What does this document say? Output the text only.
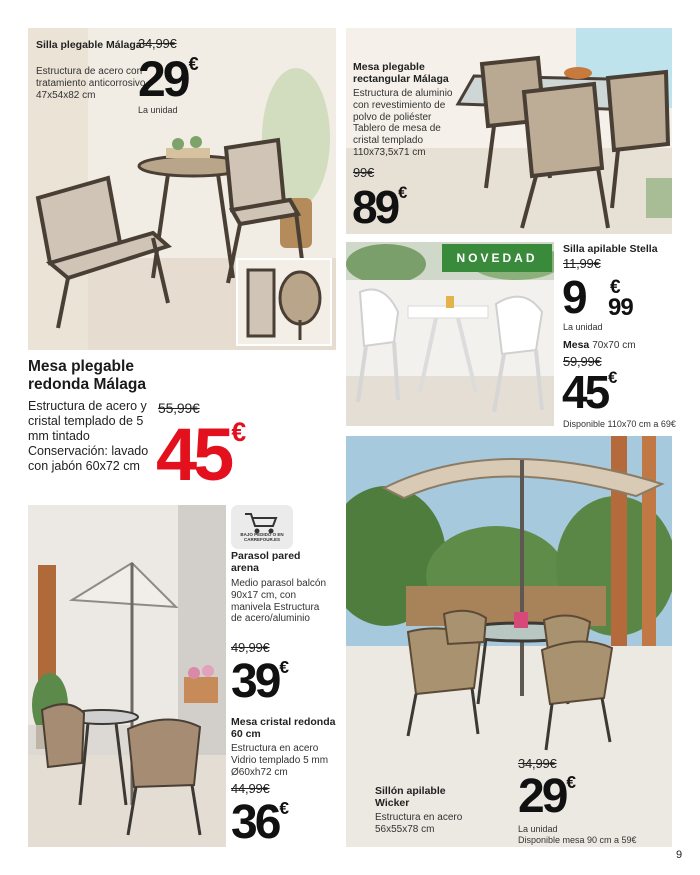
Silla plegable Málaga
Estructura de acero con tratamiento anticorrosivo 47x54x82 cm
34,99€
29€
La unidad
Mesa plegable rectangular Málaga
Estructura de aluminio con revestimiento de polvo de poliéster Tablero de mesa de cristal templado 110x73,5x71 cm
99€
89€
NOVEDAD
Silla apilable Stella
11,99€
9 €
99
La unidad
Mesa 70x70 cm
59,99€
45€
Disponible 110x70 cm a 69€
Mesa plegable redonda Málaga
Estructura de acero y cristal templado de 5 mm tintado Conservación: lavado con jabón 60x72 cm
55,99€
45€
BAJO PEDIDO O EN CARREFOUR.ES
Parasol pared arena
Medio parasol balcón 90x17 cm, con manivela Estructura de acero/aluminio
49,99€
39€
Mesa cristal redonda 60 cm
Estructura en acero Vidrio templado 5 mm Ø60xh72 cm
44,99€
36€
34,99€
29€
La unidad
Disponible mesa 90 cm a 59€
Sillón apilable Wicker
Estructura en acero 56x55x78 cm
9
